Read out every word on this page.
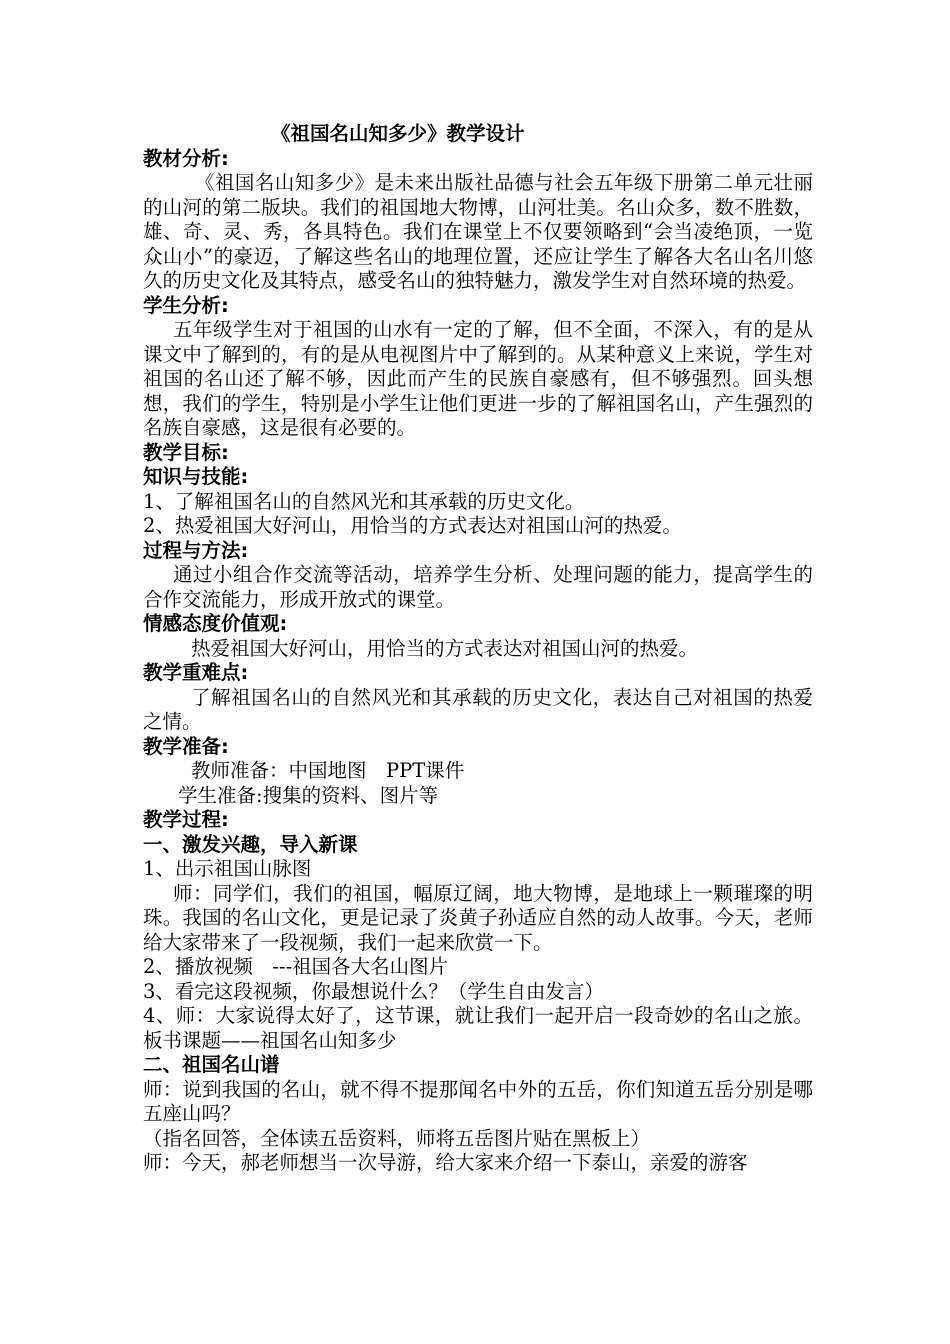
《祖国名山知多少》教学设计

教材分析:

《祖国名山知多少》是未来出版社品德与社会五年级下册第二单元壮丽的山河的第二版块。我们的祖国地大物博，山河壮美。名山众多，数不胜数，雄、奇、灵、秀，各具特色。我们在课堂上不仅要领略到“会当凌绝顶，一览众山小”的豪迈，了解这些名山的地理位置，还应让学生了解各大名山名川悠久的历史文化及其特点，感受名山的独特魅力，激发学生对自然环境的热爱。

学生分析:

五年级学生对于祖国的山水有一定的了解，但不全面，不深入，有的是从课文中了解到的，有的是从电视图片中了解到的。从某种意义上来说，学生对祖国的名山还了解不够，因此而产生的民族自豪感有，但不够强烈。回头想想，我们的学生，特别是小学生让他们更进一步的了解祖国名山，产生强烈的名族自豪感，这是很有必要的。

教学目标:

知识与技能:

1、了解祖国名山的自然风光和其承载的历史文化。

2、热爱祖国大好河山，用恰当的方式表达对祖国山河的热爱。

过程与方法:

通过小组合作交流等活动，培养学生分析、处理问题的能力，提高学生的合作交流能力，形成开放式的课堂。

情感态度价值观:

热爱祖国大好河山，用恰当的方式表达对祖国山河的热爱。

教学重难点:

了解祖国名山的自然风光和其承载的历史文化，表达自己对祖国的热爱之情。

教学准备:

教师准备：中国地图　PPT课件

学生准备:搜集的资料、图片等

教学过程:

一、激发兴趣，导入新课

1、出示祖国山脉图

师：同学们，我们的祖国，幅原辽阔，地大物博，是地球上一颗璀璨的明珠。我国的名山文化，更是记录了炎黄子孙适应自然的动人故事。今天，老师给大家带来了一段视频，我们一起来欣赏一下。

2、播放视频　---祖国各大名山图片

3、看完这段视频，你最想说什么？（学生自由发言）

4、师：大家说得太好了，这节课，就让我们一起开启一段奇妙的名山之旅。板书课题——祖国名山知多少

二、祖国名山谱

师：说到我国的名山，就不得不提那闻名中外的五岳，你们知道五岳分别是哪五座山吗？

（指名回答，全体读五岳资料，师将五岳图片贴在黑板上）

师：今天，郝老师想当一次导游，给大家来介绍一下泰山，亲爱的游客
